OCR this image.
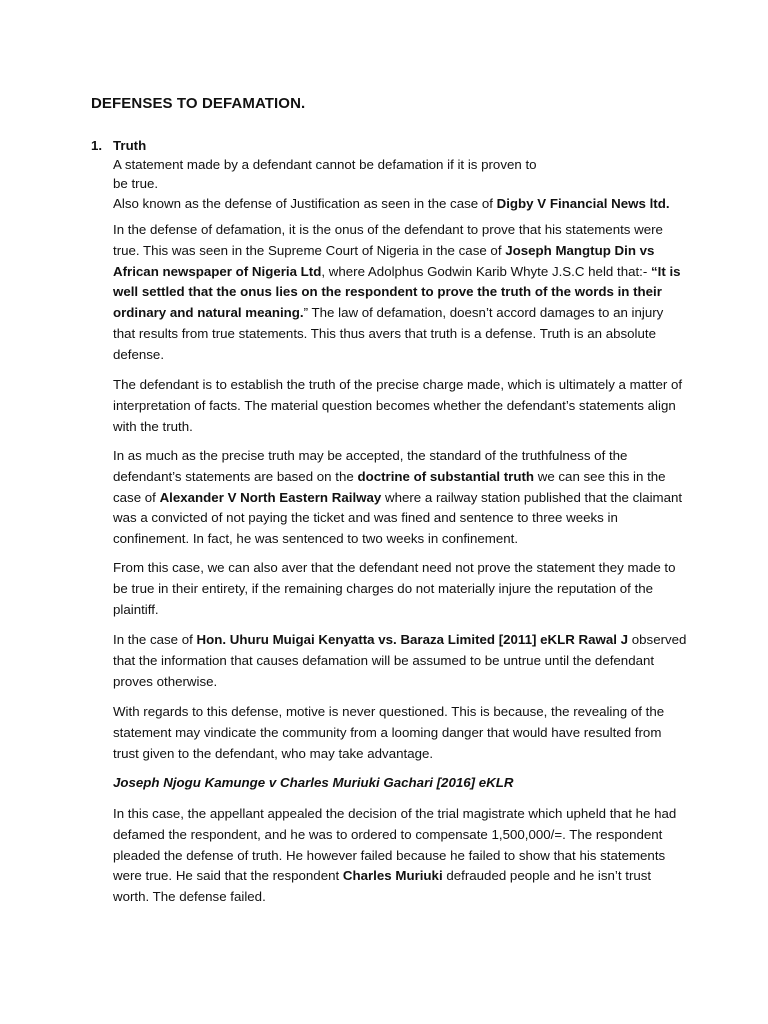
DEFENSES TO DEFAMATION.
1. Truth
A statement made by a defendant cannot be defamation if it is proven to
be true.
Also known as the defense of Justification as seen in the case of Digby V Financial News ltd.

In the defense of defamation, it is the onus of the defendant to prove that his statements were true. This was seen in the Supreme Court of Nigeria in the case of Joseph Mangtup Din vs African newspaper of Nigeria Ltd, where Adolphus Godwin Karib Whyte J.S.C held that:- “It is well settled that the onus lies on the respondent to prove the truth of the words in their ordinary and natural meaning.” The law of defamation, doesn’t accord damages to an injury that results from true statements. This thus avers that truth is a defense. Truth is an absolute defense.

The defendant is to establish the truth of the precise charge made, which is ultimately a matter of interpretation of facts. The material question becomes whether the defendant’s statements align with the truth.

In as much as the precise truth may be accepted, the standard of the truthfulness of the defendant’s statements are based on the doctrine of substantial truth we can see this in the case of Alexander V North Eastern Railway where a railway station published that the claimant was a convicted of not paying the ticket and was fined and sentence to three weeks in confinement. In fact, he was sentenced to two weeks in confinement.

From this case, we can also aver that the defendant need not prove the statement they made to be true in their entirety, if the remaining charges do not materially injure the reputation of the plaintiff.

In the case of Hon. Uhuru Muigai Kenyatta vs. Baraza Limited [2011] eKLR Rawal J observed that the information that causes defamation will be assumed to be untrue until the defendant proves otherwise.

With regards to this defense, motive is never questioned. This is because, the revealing of the statement may vindicate the community from a looming danger that would have resulted from trust given to the defendant, who may take advantage.

Joseph Njogu Kamunge v Charles Muriuki Gachari [2016] eKLR

In this case, the appellant appealed the decision of the trial magistrate which upheld that he had defamed the respondent, and he was to ordered to compensate 1,500,000/=. The respondent pleaded the defense of truth. He however failed because he failed to show that his statements were true. He said that the respondent Charles Muriuki defrauded people and he isn’t trust worth. The defense failed.
